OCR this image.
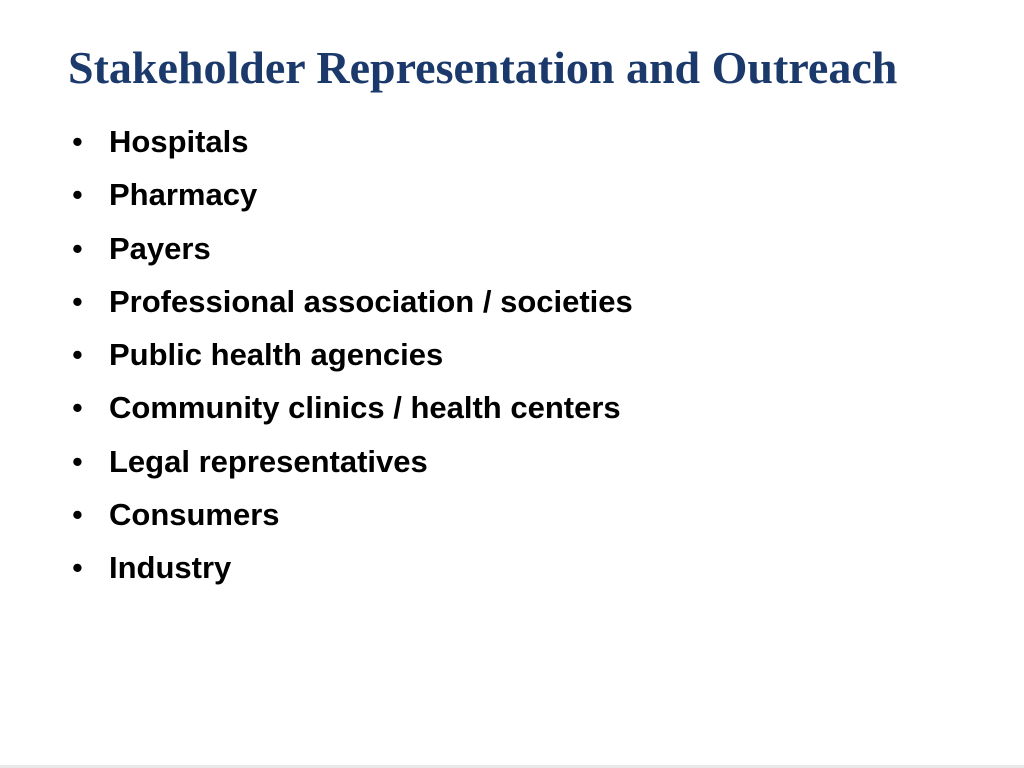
Stakeholder Representation and Outreach
• Hospitals
• Pharmacy
• Payers
• Professional association / societies
• Public health agencies
• Community clinics / health centers
• Legal representatives
• Consumers
• Industry
